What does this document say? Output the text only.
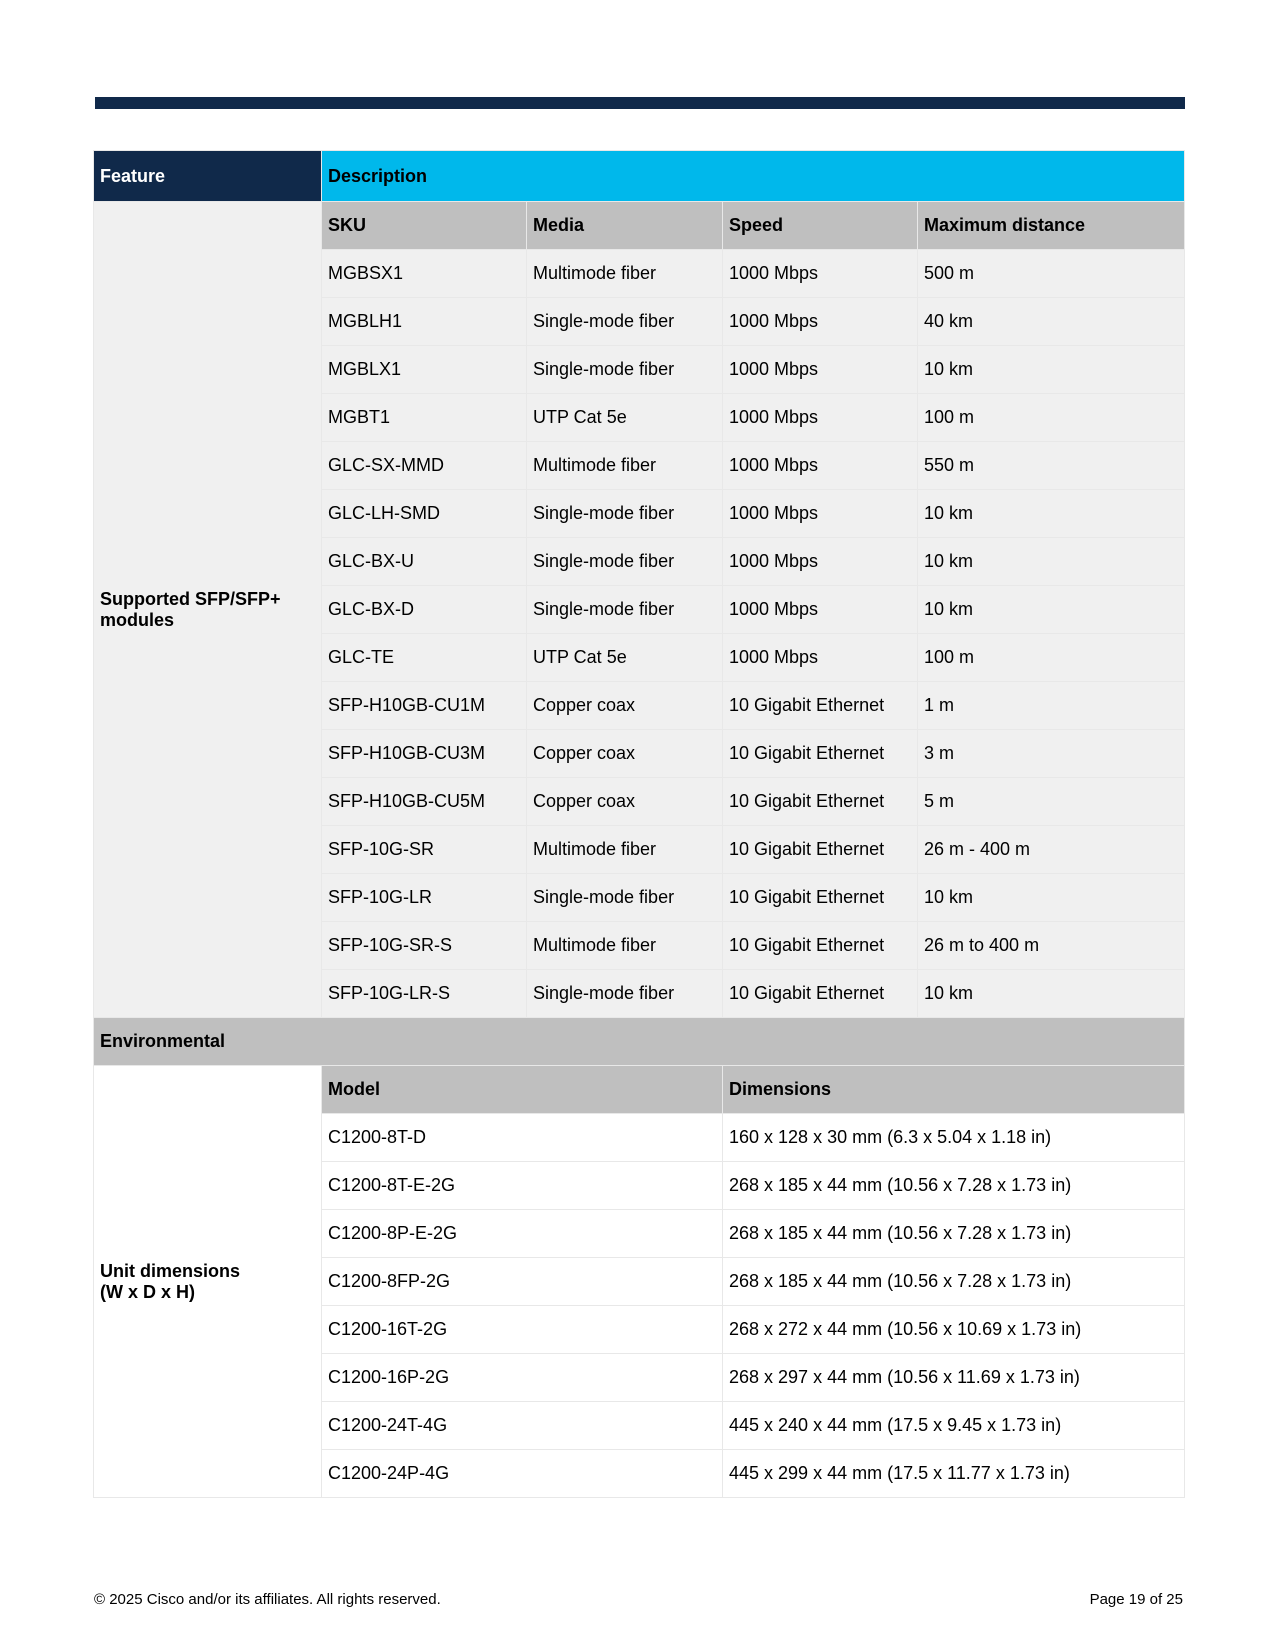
Feature	Description			
Supported SFP/SFP+ modules	SKU	Media	Speed	Maximum distance
	MGBSX1	Multimode fiber	1000 Mbps	500 m
	MGBLH1	Single-mode fiber	1000 Mbps	40 km
	MGBLX1	Single-mode fiber	1000 Mbps	10 km
	MGBT1	UTP Cat 5e	1000 Mbps	100 m
	GLC-SX-MMD	Multimode fiber	1000 Mbps	550 m
	GLC-LH-SMD	Single-mode fiber	1000 Mbps	10 km
	GLC-BX-U	Single-mode fiber	1000 Mbps	10 km
	GLC-BX-D	Single-mode fiber	1000 Mbps	10 km
	GLC-TE	UTP Cat 5e	1000 Mbps	100 m
	SFP-H10GB-CU1M	Copper coax	10 Gigabit Ethernet	1 m
	SFP-H10GB-CU3M	Copper coax	10 Gigabit Ethernet	3 m
	SFP-H10GB-CU5M	Copper coax	10 Gigabit Ethernet	5 m
	SFP-10G-SR	Multimode fiber	10 Gigabit Ethernet	26 m - 400 m
	SFP-10G-LR	Single-mode fiber	10 Gigabit Ethernet	10 km
	SFP-10G-SR-S	Multimode fiber	10 Gigabit Ethernet	26 m to 400 m
	SFP-10G-LR-S	Single-mode fiber	10 Gigabit Ethernet	10 km
Environmental				
Unit dimensions
(W x D x H)	Model		Dimensions	
	C1200-8T-D		160 x 128 x 30 mm (6.3 x 5.04 x 1.18 in)	
	C1200-8T-E-2G		268 x 185 x 44 mm (10.56 x 7.28 x 1.73 in)	
	C1200-8P-E-2G		268 x 185 x 44 mm (10.56 x 7.28 x 1.73 in)	
	C1200-8FP-2G		268 x 185 x 44 mm (10.56 x 7.28 x 1.73 in)	
	C1200-16T-2G		268 x 272 x 44 mm (10.56 x 10.69 x 1.73 in)	
	C1200-16P-2G		268 x 297 x 44 mm (10.56 x 11.69 x 1.73 in)	
	C1200-24T-4G		445 x 240 x 44 mm (17.5 x 9.45 x 1.73 in)	
	C1200-24P-4G		445 x 299 x 44 mm (17.5 x 11.77 x 1.73 in)	
© 2025 Cisco and/or its affiliates. All rights reserved.	Page 19 of 25
